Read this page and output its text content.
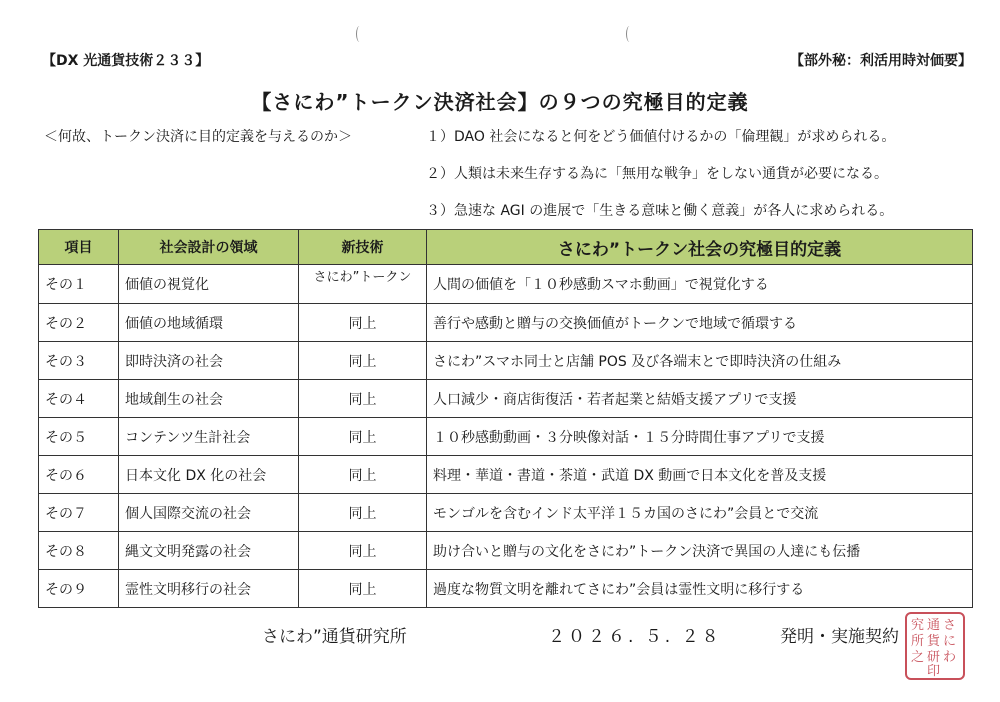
【DX 光通貨技術２３３】	【部外秘：利活用時対価要】
【さにわ”トークン決済社会】の９つの究極目的定義
＜何故、トークン決済に目的定義を与えるのか＞	１）DAO 社会になると何をどう価値付けるかの「倫理観」が求められる。
２）人類は未来生存する為に「無用な戦争」をしない通貨が必要になる。
３）急速な AGI の進展で「生きる意味と働く意義」が各人に求められる。
項目	社会設計の領域	新技術	さにわ”トークン社会の究極目的定義
その１	価値の視覚化	さにわ”トークン	人間の価値を「１０秒感動スマホ動画」で視覚化する
その２	価値の地域循環	同上	善行や感動と贈与の交換価値がトークンで地域で循環する
その３	即時決済の社会	同上	さにわ”スマホ同士と店舗 POS 及び各端末とで即時決済の仕組み
その４	地域創生の社会	同上	人口減少・商店街復活・若者起業と結婚支援アプリで支援
その５	コンテンツ生計社会	同上	１０秒感動動画・３分映像対話・１５分時間仕事アプリで支援
その６	日本文化 DX 化の社会	同上	料理・華道・書道・茶道・武道 DX 動画で日本文化を普及支援
その７	個人国際交流の社会	同上	モンゴルを含むインド太平洋１５カ国のさにわ”会員とで交流
その８	縄文文明発露の社会	同上	助け合いと贈与の文化をさにわ”トークン決済で異国の人達にも伝播
その９	霊性文明移行の社会	同上	過度な物質文明を離れてさにわ”会員は霊性文明に移行する
さにわ”通貨研究所	２０２６. ５. ２８	発明・実施契約
さ
に
わ
通
貨
研
究
所
之
印
